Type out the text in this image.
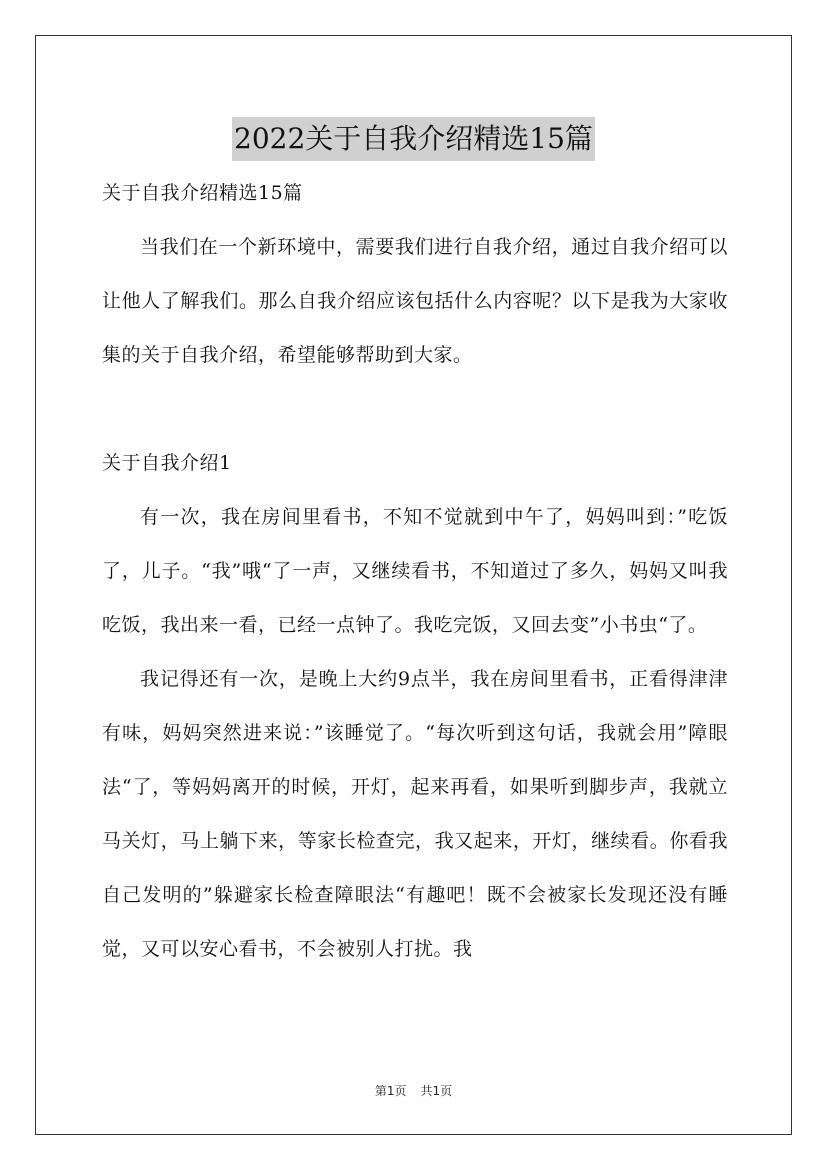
2022关于自我介绍精选15篇

关于自我介绍精选15篇

当我们在一个新环境中，需要我们进行自我介绍，通过自我介绍可以让他人了解我们。那么自我介绍应该包括什么内容呢？以下是我为大家收集的关于自我介绍，希望能够帮助到大家。

关于自我介绍1

有一次，我在房间里看书，不知不觉就到中午了，妈妈叫到：”吃饭了，儿子。“我”哦“了一声，又继续看书，不知道过了多久，妈妈又叫我吃饭，我出来一看，已经一点钟了。我吃完饭，又回去变”小书虫“了。

我记得还有一次，是晚上大约9点半，我在房间里看书，正看得津津有味，妈妈突然进来说：”该睡觉了。“每次听到这句话，我就会用”障眼法“了，等妈妈离开的时候，开灯，起来再看，如果听到脚步声，我就立马关灯，马上躺下来，等家长检查完，我又起来，开灯，继续看。你看我自己发明的”躲避家长检查障眼法“有趣吧！既不会被家长发现还没有睡觉，又可以安心看书，不会被别人打扰。我

第1页 共1页
